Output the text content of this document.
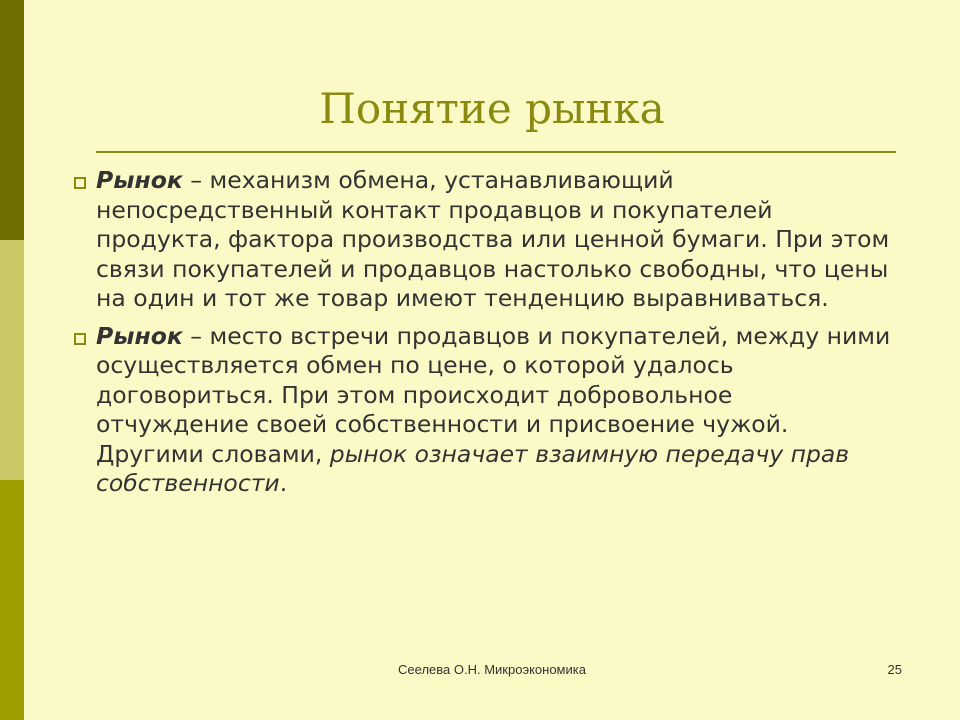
Понятие рынка
Рынок – механизм обмена, устанавливающий непосредственный контакт продавцов и покупателей продукта, фактора производства или ценной бумаги. При этом связи покупателей и продавцов настолько свободны, что цены на один и тот же товар имеют тенденцию выравниваться.
Рынок – место встречи продавцов и покупателей, между ними осуществляется обмен по цене, о которой удалось договориться. При этом происходит добровольное отчуждение своей собственности и присвоение чужой. Другими словами, рынок означает взаимную передачу прав собственности.
Сеелева О.Н. Микроэкономика	25
